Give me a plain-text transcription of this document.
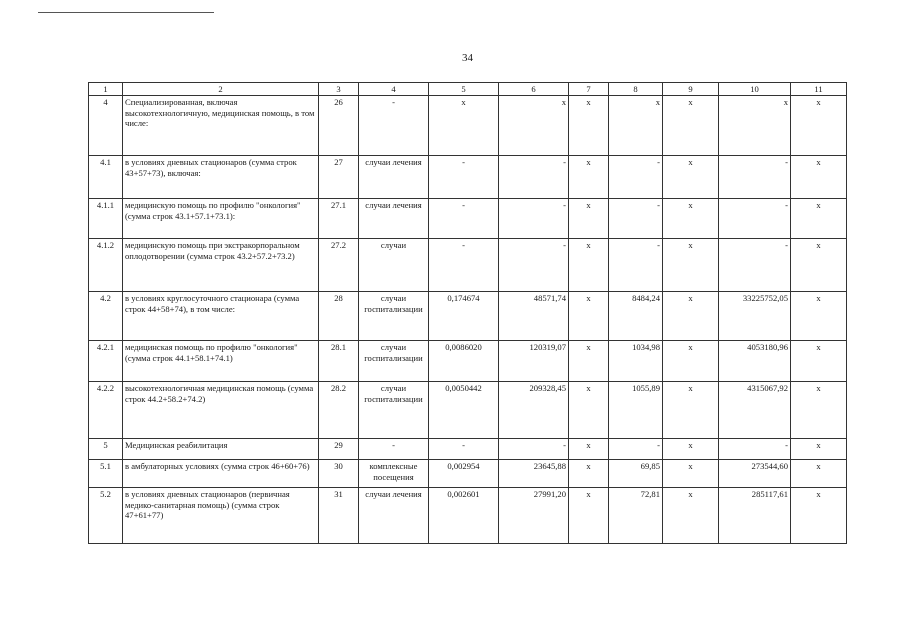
34
1	2	3	4	5	6	7	8	9	10	11
4	Специализированная, включая высокотехнологичную, медицинская помощь, в том числе:	26	-	x	x	x	x	x	x	x
4.1	в условиях дневных стационаров (сумма строк 43+57+73), включая:	27	случаи лечения	-	-	x	-	x	-	x
4.1.1	медицинскую помощь по профилю "онкология" (сумма строк 43.1+57.1+73.1):	27.1	случаи лечения	-	-	x	-	x	-	x
4.1.2	медицинскую помощь при экстракорпоральном оплодотворении (сумма строк 43.2+57.2+73.2)	27.2	случаи	-	-	x	-	x	-	x
4.2	в условиях круглосуточного стационара (сумма строк 44+58+74), в том числе:	28	случаи госпитализации	0,174674	48571,74	x	8484,24	x	33225752,05	x
4.2.1	медицинская помощь по профилю "онкология" (сумма строк 44.1+58.1+74.1)	28.1	случаи госпитализации	0,0086020	120319,07	x	1034,98	x	4053180,96	x
4.2.2	высокотехнологичная медицинская помощь (сумма строк 44.2+58.2+74.2)	28.2	случаи госпитализации	0,0050442	209328,45	x	1055,89	x	4315067,92	x
5	Медицинская реабилитация	29	-	-	-	x	-	x	-	x
5.1	в амбулаторных условиях (сумма строк 46+60+76)	30	комплексные посещения	0,002954	23645,88	x	69,85	x	273544,60	x
5.2	в условиях дневных стационаров (первичная медико-санитарная помощь) (сумма строк 47+61+77)	31	случаи лечения	0,002601	27991,20	x	72,81	x	285117,61	x
